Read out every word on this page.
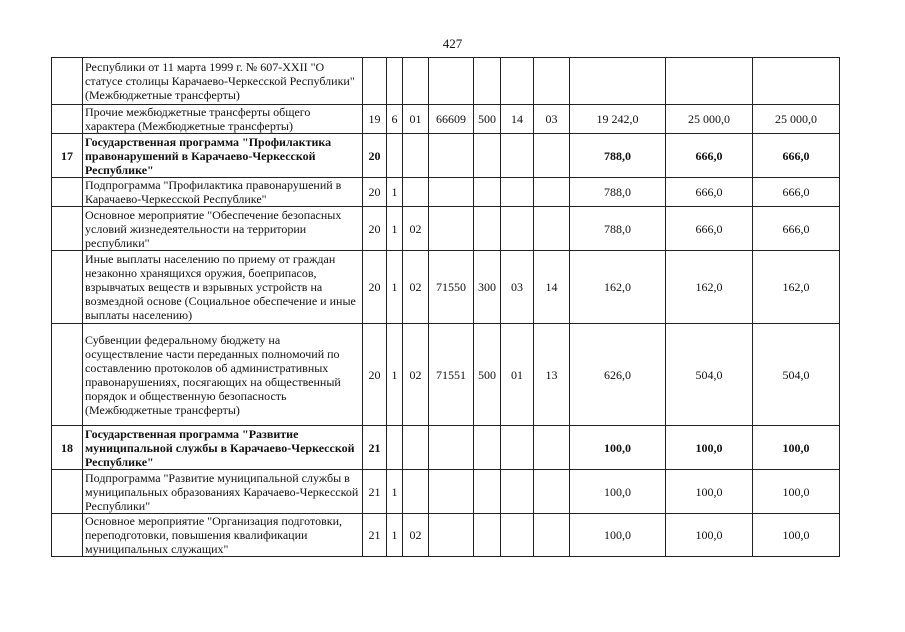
427
	Республики от 11 марта 1999 г. № 607-XXII "О статусе столицы Карачаево-Черкесской Республики" (Межбюджетные трансферты)										
	Прочие межбюджетные трансферты общего характера (Межбюджетные трансферты)	19	6	01	66609	500	14	03	19 242,0	25 000,0	25 000,0
17	Государственная программа "Профилактика правонарушений в Карачаево-Черкесской Республике"	20							788,0	666,0	666,0
	Подпрограмма "Профилактика правонарушений в Карачаево-Черкесской Республике"	20	1						788,0	666,0	666,0
	Основное мероприятие "Обеспечение безопасных условий жизнедеятельности на территории республики"	20	1	02					788,0	666,0	666,0
	Иные выплаты населению по приему от граждан незаконно хранящихся оружия, боеприпасов, взрывчатых веществ и взрывных устройств на возмездной основе (Социальное обеспечение и иные выплаты населению)	20	1	02	71550	300	03	14	162,0	162,0	162,0
	Субвенции федеральному бюджету на осуществление части переданных полномочий по составлению протоколов об административных правонарушениях, посягающих на общественный порядок и общественную безопасность (Межбюджетные трансферты)	20	1	02	71551	500	01	13	626,0	504,0	504,0
18	Государственная программа "Развитие муниципальной службы в Карачаево-Черкесской Республике"	21							100,0	100,0	100,0
	Подпрограмма "Развитие муниципальной службы в муниципальных образованиях Карачаево-Черкесской Республики"	21	1						100,0	100,0	100,0
	Основное мероприятие "Организация подготовки, переподготовки, повышения квалификации муниципальных служащих"	21	1	02					100,0	100,0	100,0
